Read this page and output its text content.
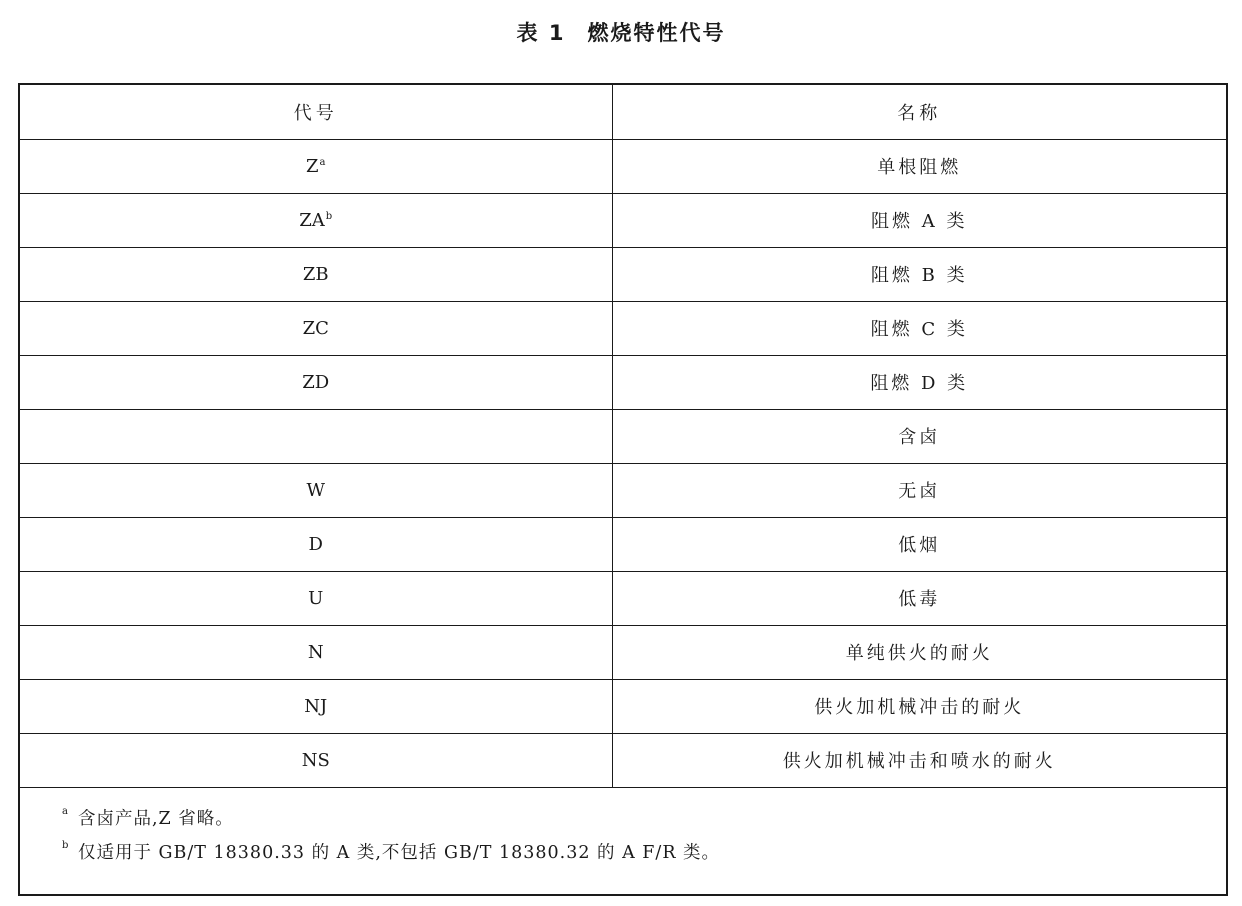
表 1 燃烧特性代号
代号	名称
Z$^a$	单根阻燃
ZA$^b$	阻燃 A 类
ZB	阻燃 B 类
ZC	阻燃 C 类
ZD	阻燃 D 类
	含卤
W	无卤
D	低烟
U	低毒
N	单纯供火的耐火
NJ	供火加机械冲击的耐火
NS	供火加机械冲击和喷水的耐火
a 含卤产品,Z 省略。
b 仅适用于 GB/T 18380.33 的 A 类,不包括 GB/T 18380.32 的 A F/R 类。
